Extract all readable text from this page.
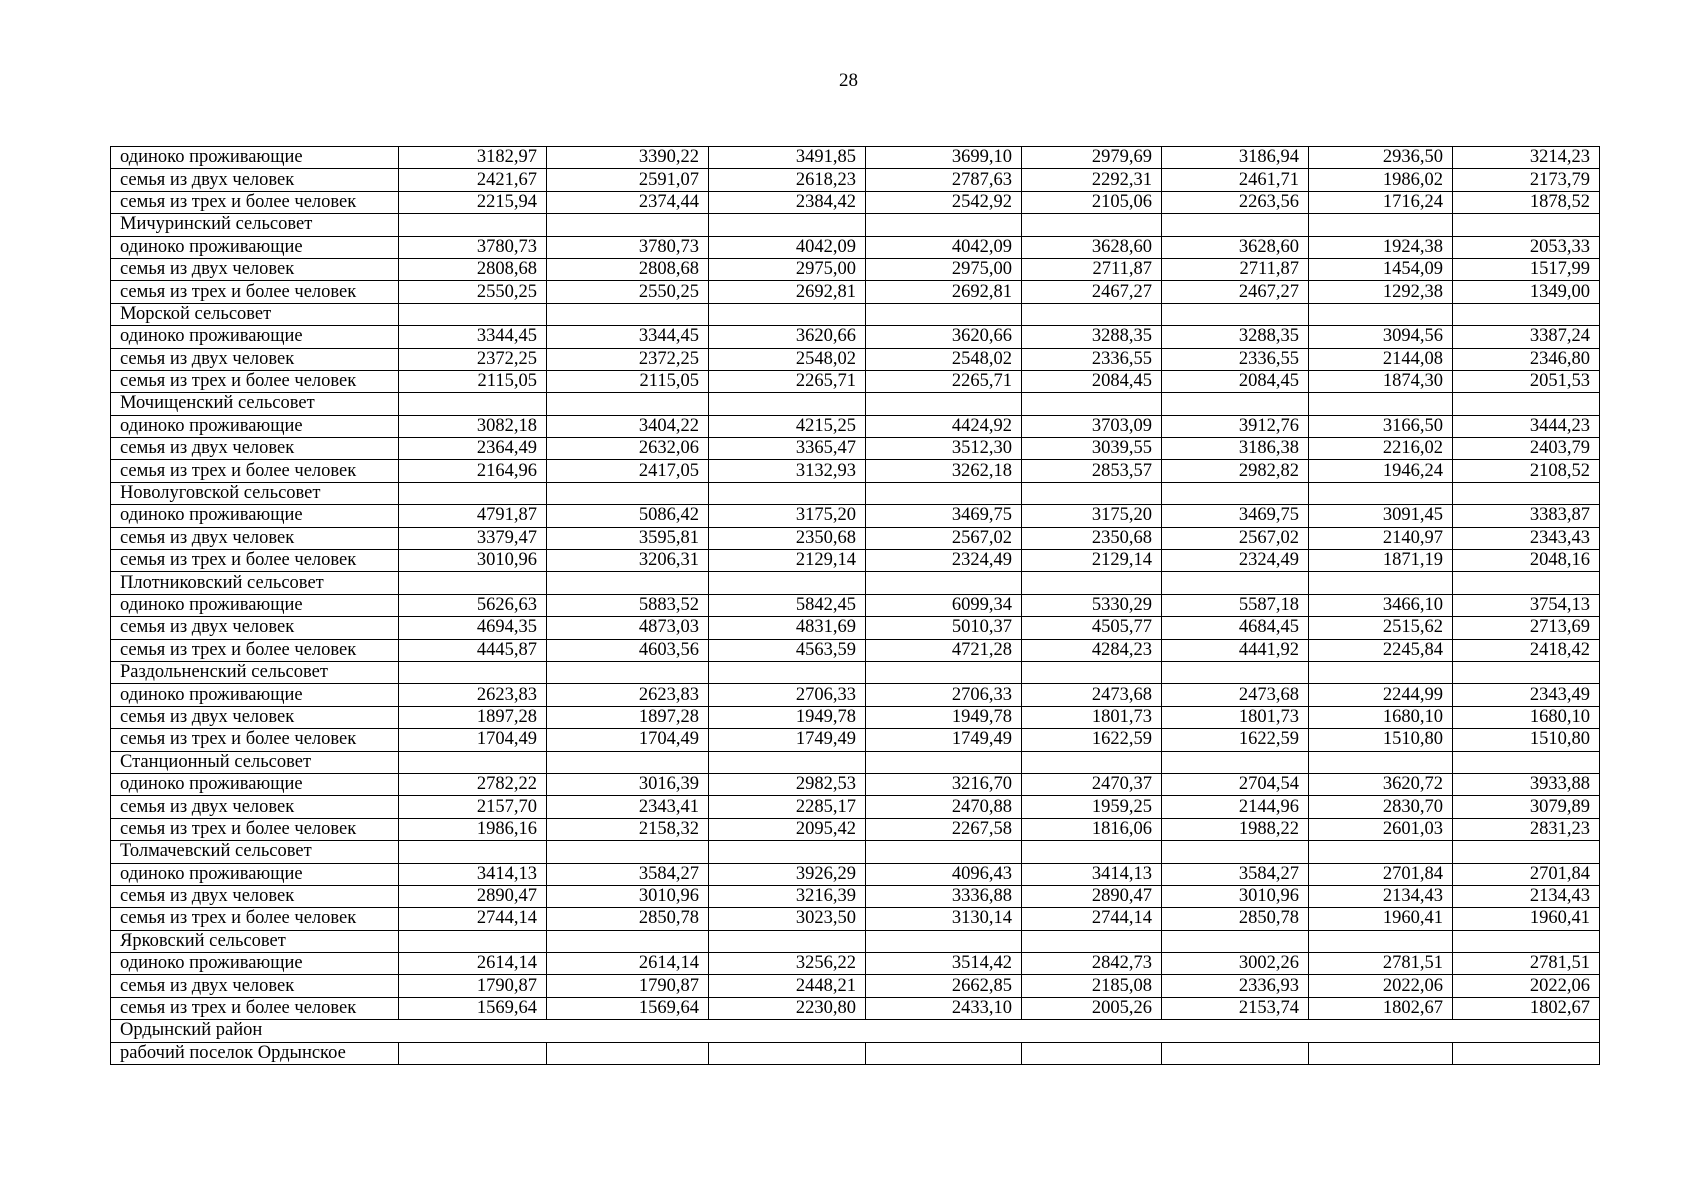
28
одиноко проживающие	3182,97	3390,22	3491,85	3699,10	2979,69	3186,94	2936,50	3214,23
семья из двух человек	2421,67	2591,07	2618,23	2787,63	2292,31	2461,71	1986,02	2173,79
семья из трех и более человек	2215,94	2374,44	2384,42	2542,92	2105,06	2263,56	1716,24	1878,52
Мичуринский сельсовет								
одиноко проживающие	3780,73	3780,73	4042,09	4042,09	3628,60	3628,60	1924,38	2053,33
семья из двух человек	2808,68	2808,68	2975,00	2975,00	2711,87	2711,87	1454,09	1517,99
семья из трех и более человек	2550,25	2550,25	2692,81	2692,81	2467,27	2467,27	1292,38	1349,00
Морской сельсовет								
одиноко проживающие	3344,45	3344,45	3620,66	3620,66	3288,35	3288,35	3094,56	3387,24
семья из двух человек	2372,25	2372,25	2548,02	2548,02	2336,55	2336,55	2144,08	2346,80
семья из трех и более человек	2115,05	2115,05	2265,71	2265,71	2084,45	2084,45	1874,30	2051,53
Мочищенский сельсовет								
одиноко проживающие	3082,18	3404,22	4215,25	4424,92	3703,09	3912,76	3166,50	3444,23
семья из двух человек	2364,49	2632,06	3365,47	3512,30	3039,55	3186,38	2216,02	2403,79
семья из трех и более человек	2164,96	2417,05	3132,93	3262,18	2853,57	2982,82	1946,24	2108,52
Новолуговской сельсовет								
одиноко проживающие	4791,87	5086,42	3175,20	3469,75	3175,20	3469,75	3091,45	3383,87
семья из двух человек	3379,47	3595,81	2350,68	2567,02	2350,68	2567,02	2140,97	2343,43
семья из трех и более человек	3010,96	3206,31	2129,14	2324,49	2129,14	2324,49	1871,19	2048,16
Плотниковский сельсовет								
одиноко проживающие	5626,63	5883,52	5842,45	6099,34	5330,29	5587,18	3466,10	3754,13
семья из двух человек	4694,35	4873,03	4831,69	5010,37	4505,77	4684,45	2515,62	2713,69
семья из трех и более человек	4445,87	4603,56	4563,59	4721,28	4284,23	4441,92	2245,84	2418,42
Раздольненский сельсовет								
одиноко проживающие	2623,83	2623,83	2706,33	2706,33	2473,68	2473,68	2244,99	2343,49
семья из двух человек	1897,28	1897,28	1949,78	1949,78	1801,73	1801,73	1680,10	1680,10
семья из трех и более человек	1704,49	1704,49	1749,49	1749,49	1622,59	1622,59	1510,80	1510,80
Станционный сельсовет								
одиноко проживающие	2782,22	3016,39	2982,53	3216,70	2470,37	2704,54	3620,72	3933,88
семья из двух человек	2157,70	2343,41	2285,17	2470,88	1959,25	2144,96	2830,70	3079,89
семья из трех и более человек	1986,16	2158,32	2095,42	2267,58	1816,06	1988,22	2601,03	2831,23
Толмачевский сельсовет								
одиноко проживающие	3414,13	3584,27	3926,29	4096,43	3414,13	3584,27	2701,84	2701,84
семья из двух человек	2890,47	3010,96	3216,39	3336,88	2890,47	3010,96	2134,43	2134,43
семья из трех и более человек	2744,14	2850,78	3023,50	3130,14	2744,14	2850,78	1960,41	1960,41
Ярковский сельсовет								
одиноко проживающие	2614,14	2614,14	3256,22	3514,42	2842,73	3002,26	2781,51	2781,51
семья из двух человек	1790,87	1790,87	2448,21	2662,85	2185,08	2336,93	2022,06	2022,06
семья из трех и более человек	1569,64	1569,64	2230,80	2433,10	2005,26	2153,74	1802,67	1802,67
Ордынский район								
рабочий поселок Ордынское								
